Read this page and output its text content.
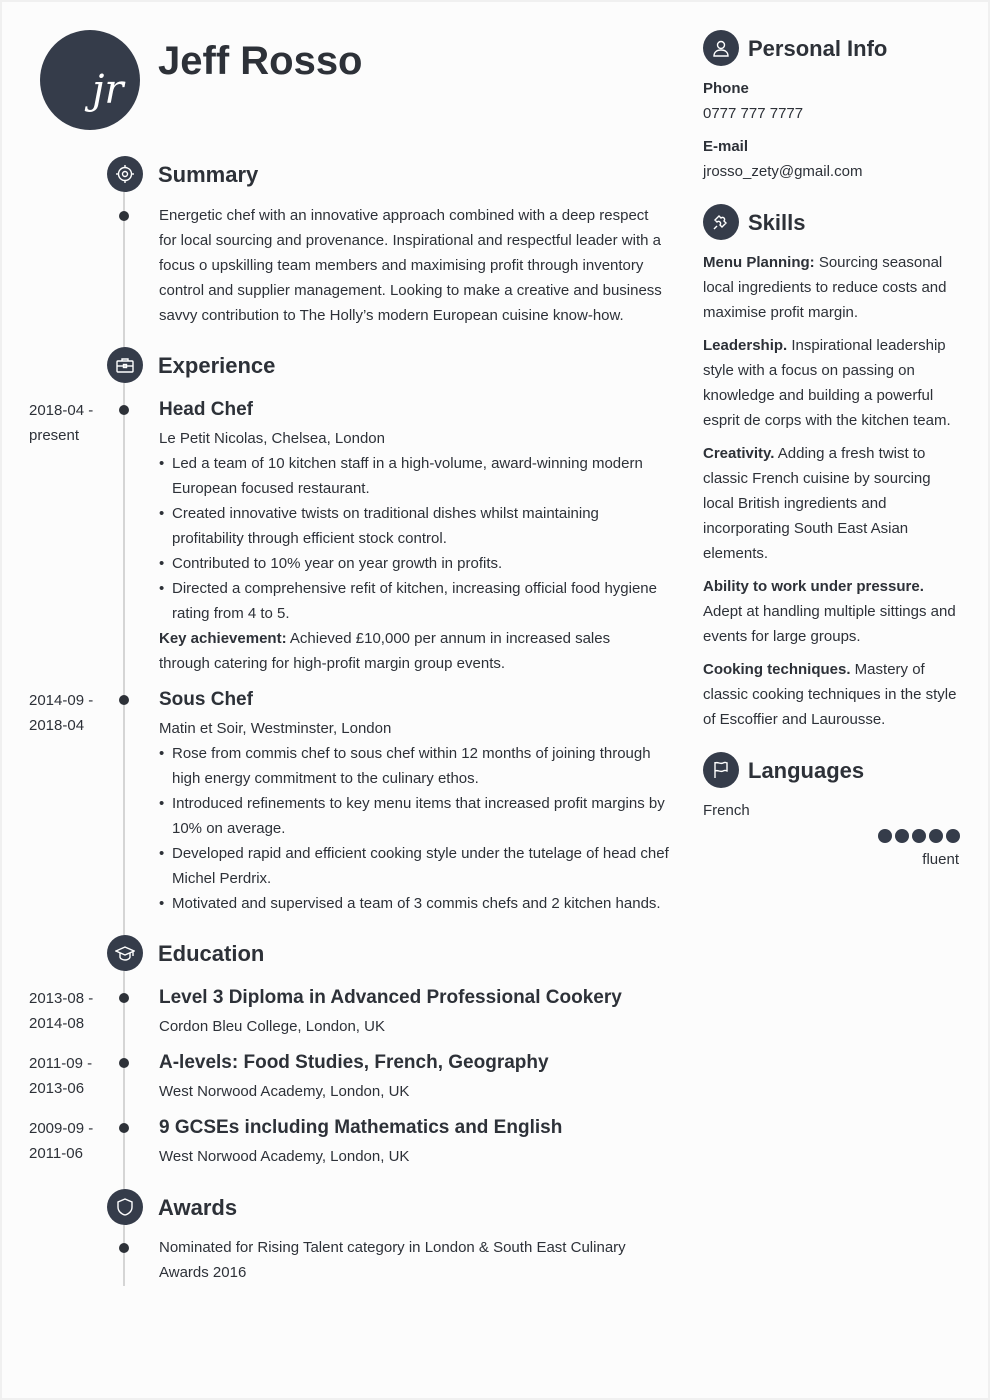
jr
Jeff Rosso
Summary
Energetic chef with an innovative approach combined with a deep respect for local sourcing and provenance. Inspirational and respectful leader with a focus o upskilling team members and maximising profit through inventory control and supplier management. Looking to make a creative and business savvy contribution to The Holly’s modern European cuisine know-how.
Experience
2018-04 - present
Head Chef
Le Petit Nicolas, Chelsea, London
• Led a team of 10 kitchen staff in a high-volume, award-winning modern European focused restaurant.
• Created innovative twists on traditional dishes whilst maintaining profitability through efficient stock control.
• Contributed to 10% year on year growth in profits.
• Directed a comprehensive refit of kitchen, increasing official food hygiene rating from 4 to 5.
Key achievement: Achieved £10,000 per annum in increased sales through catering for high-profit margin group events.
2014-09 - 2018-04
Sous Chef
Matin et Soir, Westminster, London
• Rose from commis chef to sous chef within 12 months of joining through high energy commitment to the culinary ethos.
• Introduced refinements to key menu items that increased profit margins by 10% on average.
• Developed rapid and efficient cooking style under the tutelage of head chef Michel Perdrix.
• Motivated and supervised a team of 3 commis chefs and 2 kitchen hands.
Education
2013-08 - 2014-08
Level 3 Diploma in Advanced Professional Cookery
Cordon Bleu College, London, UK
2011-09 - 2013-06
A-levels: Food Studies, French, Geography
West Norwood Academy, London, UK
2009-09 - 2011-06
9 GCSEs including Mathematics and English
West Norwood Academy, London, UK
Awards
Nominated for Rising Talent category in London & South East Culinary Awards 2016
Personal Info
Phone
0777 777 7777
E-mail
jrosso_zety@gmail.com
Skills
Menu Planning: Sourcing seasonal local ingredients to reduce costs and maximise profit margin.
Leadership. Inspirational leadership style with a focus on passing on knowledge and building a powerful esprit de corps with the kitchen team.
Creativity. Adding a fresh twist to classic French cuisine by sourcing local British ingredients and incorporating South East Asian elements.
Ability to work under pressure. Adept at handling multiple sittings and events for large groups.
Cooking techniques. Mastery of classic cooking techniques in the style of Escoffier and Laurousse.
Languages
French
fluent
